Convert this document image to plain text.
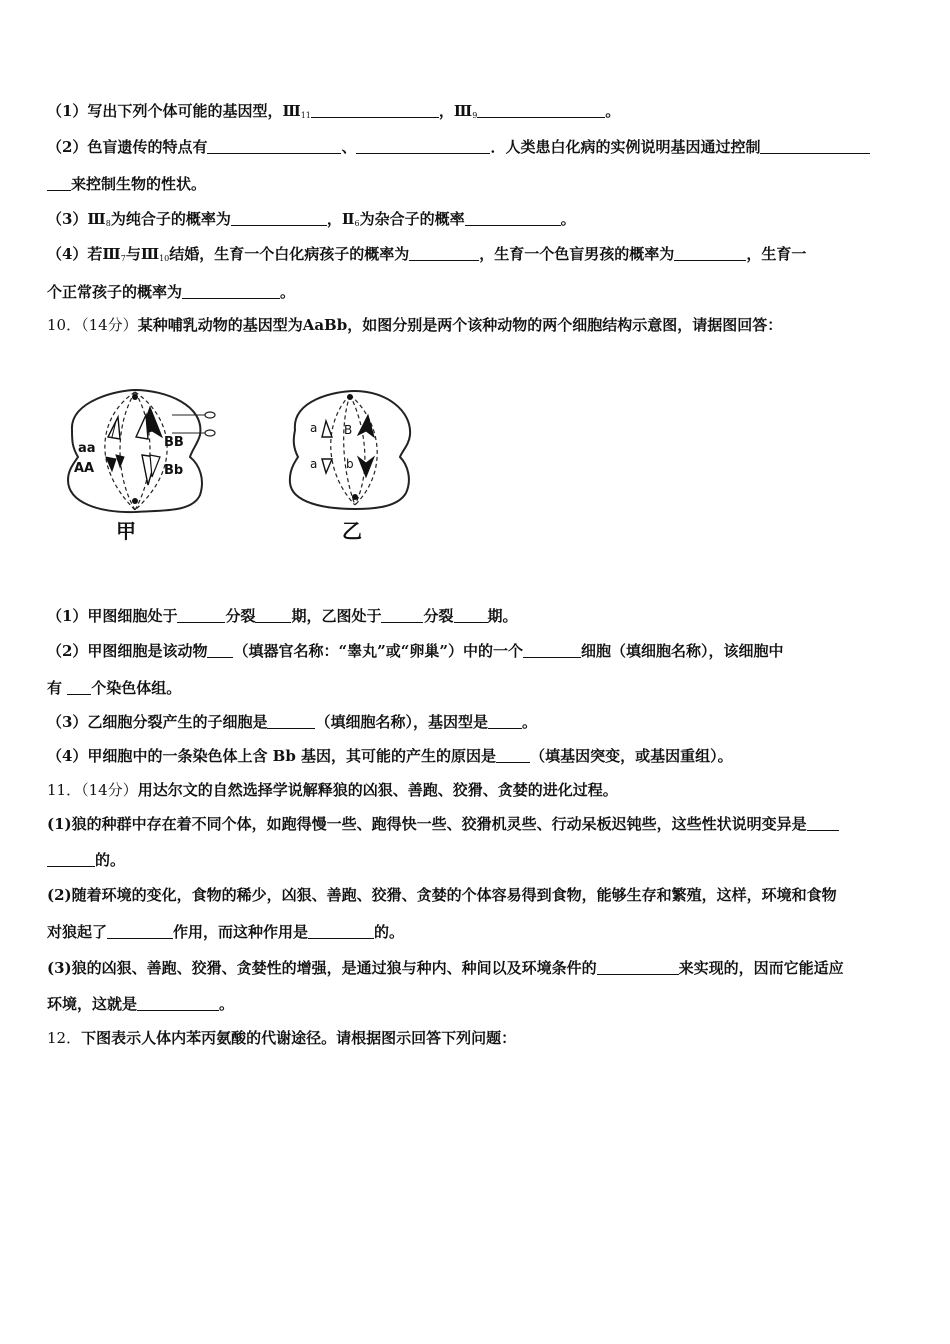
（1）写出下列个体可能的基因型，$Ⅲ_{11}$	，$Ⅲ_9$	。
（2）色盲遗传的特点有	、	．人类患白化病的实例说明基因通过控制
来控制生物的性状。
$(3)Ⅲ_8$为纯合子的概率为	，$Ⅱ_6$为杂合子的概率	。
（4）若$Ⅲ_7$与$Ⅲ_{10}$结婚，生育一个白化病孩子的概率为	，生育一个色盲男孩的概率为	，生育一
个正常孩子的概率为	。
10．（14分）某种哺乳动物的基因型为AaBb，如图分别是两个该种动物的两个细胞结构示意图，请据图回答：
aa
AA
BB
Bb
a B
a b
甲	乙
（1）甲图细胞处于	分裂 期，乙图处于	分裂 期。
（2）甲图细胞是该动物 （填器官名称：“睾丸”或“卵巢”）中的一个	细胞（填细胞名称），该细胞中
有 个染色体组。
（3）乙细胞分裂产生的子细胞是	（填细胞名称），基因型是 。
（4）甲细胞中的一条染色体上含 Bb 基因，其可能的产生的原因是 （填基因突变，或基因重组）。
11．（14分）用达尔文的自然选择学说解释狼的凶狠、善跑、狡猾、贪婪的进化过程。
(1)狼的种群中存在着不同个体，如跑得慢一些、跑得快一些、狡猾机灵些、行动呆板迟钝些，这些性状说明变异是
的。
(2)随着环境的变化，食物的稀少，凶狠、善跑、狡猾、贪婪的个体容易得到食物，能够生存和繁殖，这样，环境和食物
对狼起了	作用，而这种作用是	的。
(3)狼的凶狠、善跑、狡猾、贪婪性的增强，是通过狼与种内、种间以及环境条件的	来实现的，因而它能适应
环境，这就是	。
12．下图表示人体内苯丙氨酸的代谢途径。请根据图示回答下列问题：
